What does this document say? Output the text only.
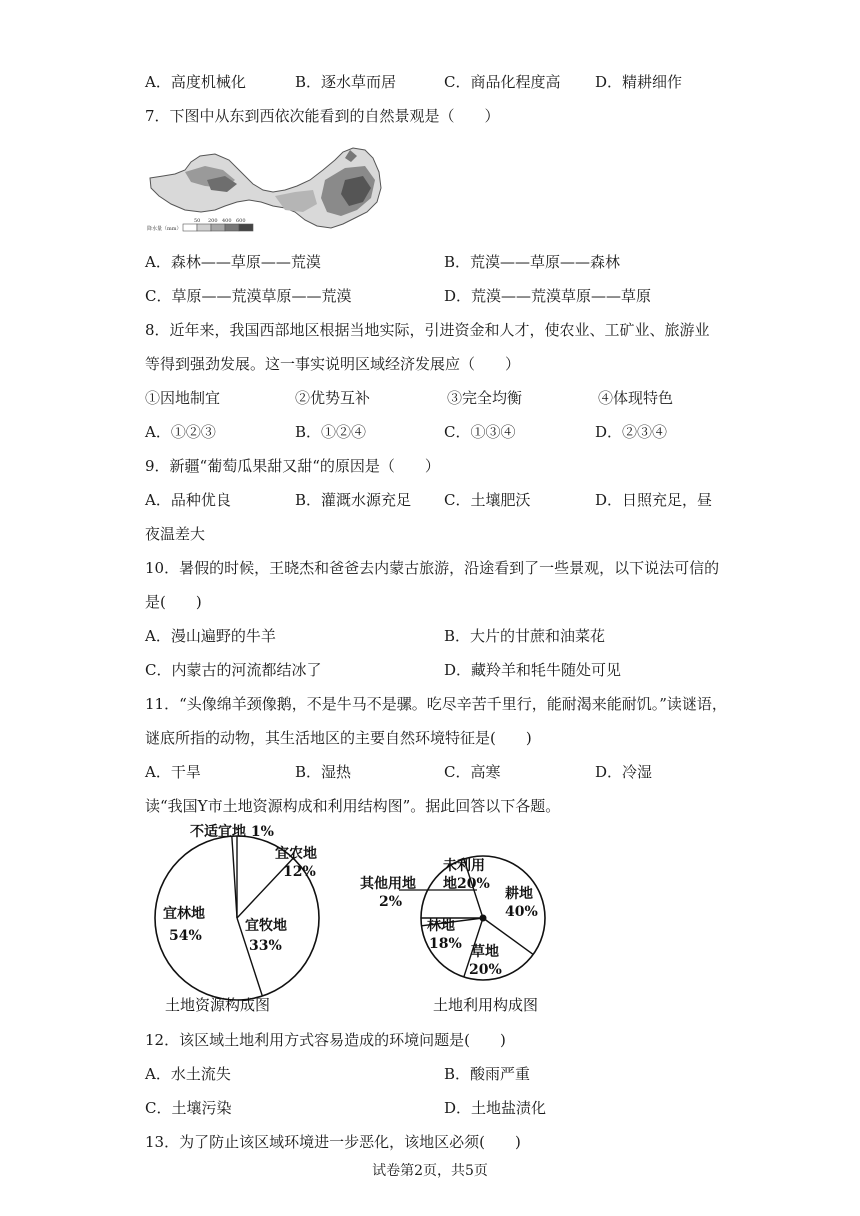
A．高度机械化	B．逐水草而居	C．商品化程度高 D．精耕细作
7．下图中从东到西依次能看到的自然景观是（　　）
降水量（mm）
50 200 400 600
A．森林——草原——荒漠	B．荒漠——草原——森林
C．草原——荒漠草原——荒漠	D．荒漠——荒漠草原——草原
8．近年来，我国西部地区根据当地实际，引进资金和人才，使农业、工矿业、旅游业
等得到强劲发展。这一事实说明区域经济发展应（　　）
①因地制宜	②优势互补	③完全均衡	④体现特色
A．①②③	B．①②④	C．①③④	D．②③④
9．新疆“葡萄瓜果甜又甜“的原因是（　　）
A．品种优良	B．灌溉水源充足 C．土壤肥沃	D．日照充足，昼
夜温差大
10．暑假的时候，王晓杰和爸爸去内蒙古旅游，沿途看到了一些景观，以下说法可信的
是(　　)
A．漫山遍野的牛羊	B．大片的甘蔗和油菜花
C．内蒙古的河流都结冰了	D．藏羚羊和牦牛随处可见
11．“头像绵羊颈像鹅，不是牛马不是骡。吃尽辛苦千里行，能耐渴来能耐饥。”读谜语，
谜底所指的动物，其生活地区的主要自然环境特征是(　　)
A．干旱	B．湿热	C．高寒	D．冷湿
读“我国Y市土地资源构成和利用结构图”。据此回答以下各题。
不适宜地 1%
宜农地
12%
宜牧地
33%
宜林地
54%
土地资源构成图
未利用
地20%
耕地
40%
草地
20%
林地
18%
其他用地
2%
土地利用构成图
12．该区域土地利用方式容易造成的环境问题是(　　)
A．水土流失	B．酸雨严重
C．土壤污染	D．土地盐渍化
13．为了防止该区域环境进一步恶化，该地区必须(　　)
试卷第2页，共5页
